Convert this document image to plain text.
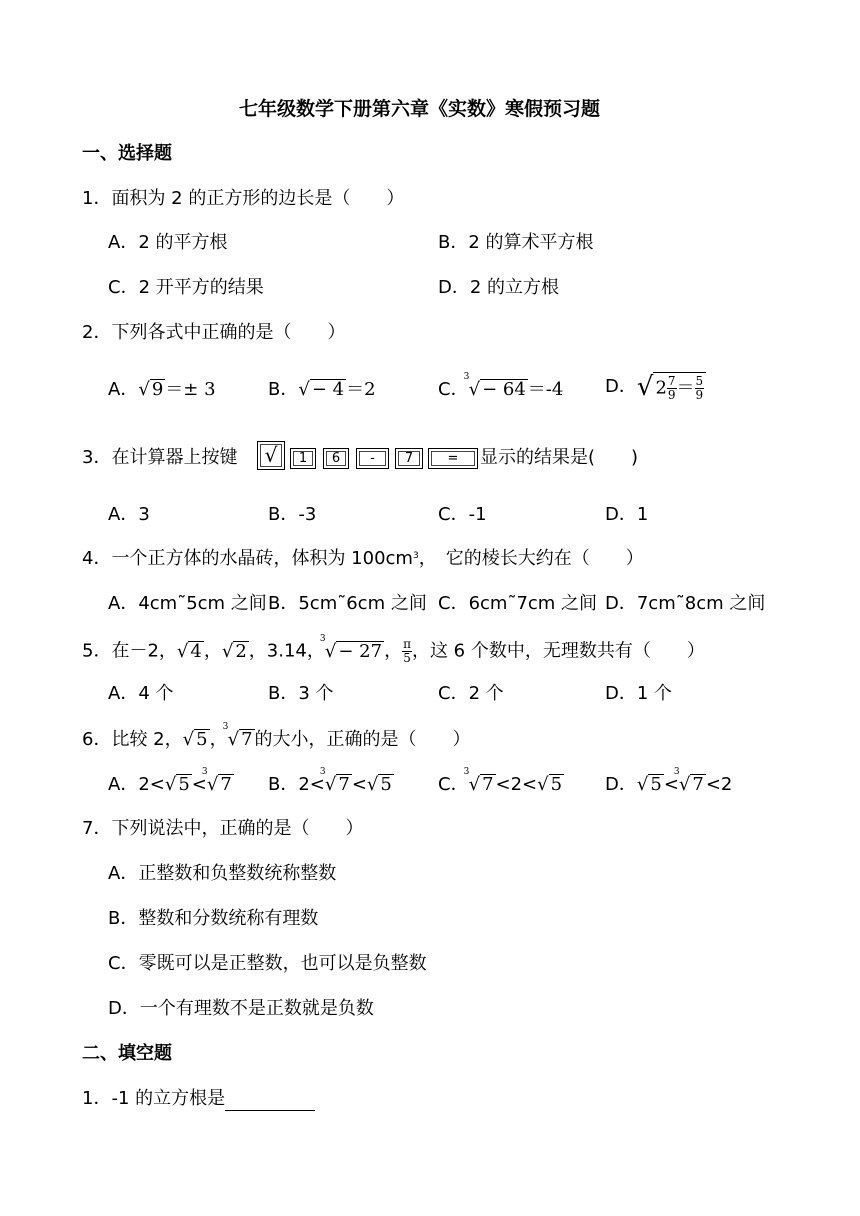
七年级数学下册第六章《实数》寒假预习题
一、选择题
1．面积为 2 的正方形的边长是（　　）
A．2 的平方根	B．2 的算术平方根
C．2 开平方的结果	D．2 的立方根
2．下列各式中正确的是（　　）
A．√ 9 ＝± 3	B．√ − 4 ＝2	C．
3
√ − 64 ＝-4 D．√ $2 \frac{7}{9} = \frac{5}{9}$
3．在计算器上按键	√	1	6	-	7	=	显示的结果是(　　)
A．3	B．-3	C．-1	D．1
4．一个正方体的水晶砖，体积为 $100cm^3$，　它的棱长大约在（　　）
A．4cm˜5cm 之间 B．5cm˜6cm 之间 C．6cm˜7cm 之间 D．7cm˜8cm 之间
5．在－2，√ 4 ，√ 2 ，3.14，
3
√ − 27 ， $\frac{\pi}{5}$ ，这 6 个数中，无理数共有（　　）
A．4 个	B．3 个	C．2 个	D．1 个
6．比较 2，√ 5 ，
3
√ 7 的大小，正确的是（　　）
A．2<√ 5 <
3
√ 7 B．2<
3
√ 7 <√ 5	C．
3
√ 7 <2<√ 5 D．√ 5 <
3
√ 7 <2
7．下列说法中，正确的是（　　）
A．正整数和负整数统称整数
B．整数和分数统称有理数
C．零既可以是正整数，也可以是负整数
D．一个有理数不是正数就是负数
二、填空题
1．-1 的立方根是
